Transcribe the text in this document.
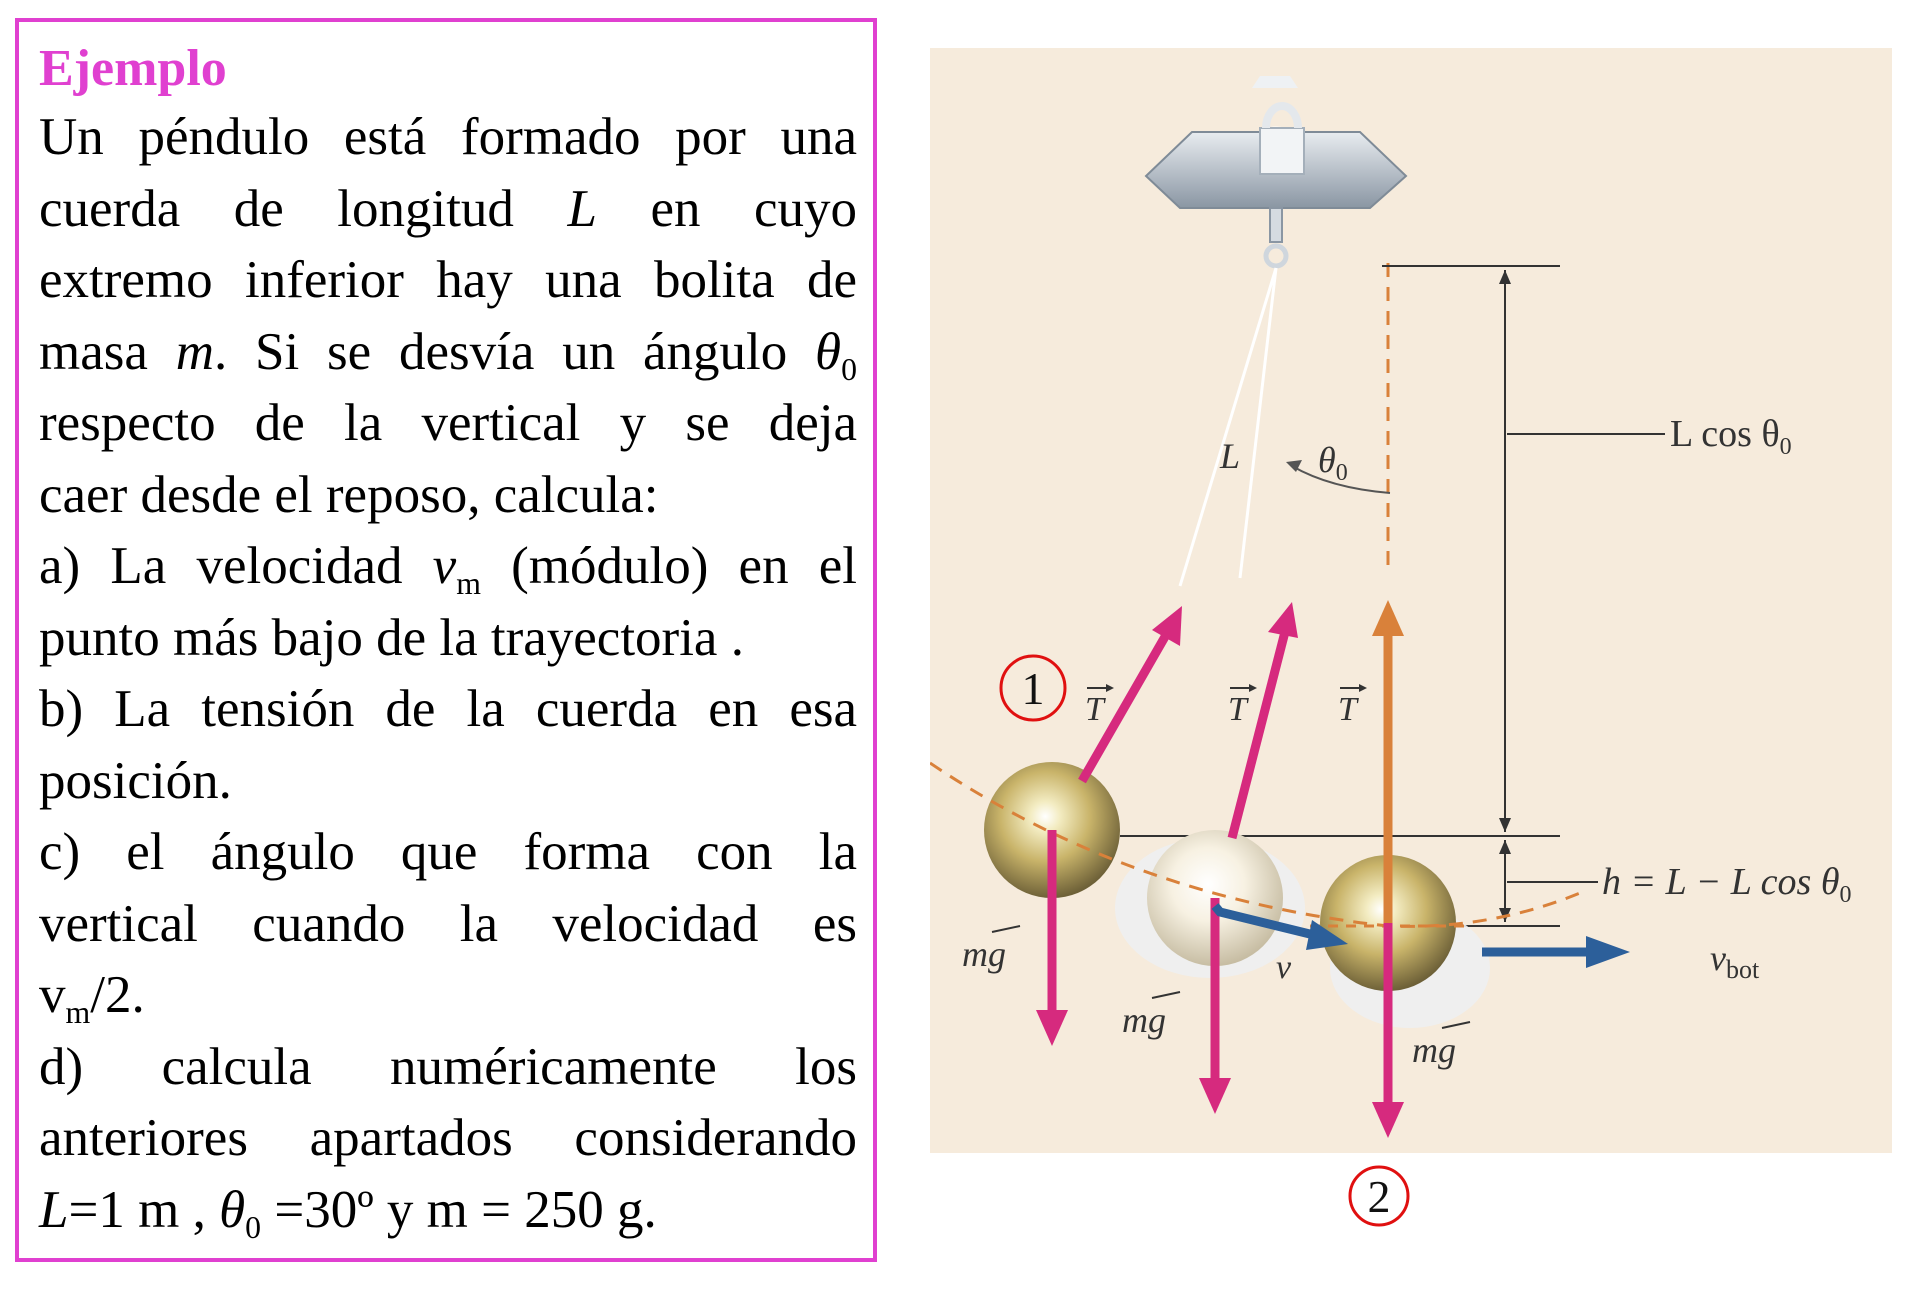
Ejemplo
Un péndulo está formado por una
cuerda de longitud L en cuyo
extremo inferior hay una bolita de
masa m. Si se desvía un ángulo $\theta_0$
respecto de la vertical y se deja
caer desde el reposo, calcula:
a) La velocidad $v_m$ (módulo) en el
punto más bajo de la trayectoria .
b) La tensión de la cuerda en esa
posición.
c) el ángulo que forma con la
vertical cuando la velocidad es
$v_m/2$.
d) calcula numéricamente los
anteriores apartados considerando
L=1 m , $\theta_0$ =30º y m = 250 g.
L $\theta_0$
L $\cos \theta_0$
h = L − L $\cos \theta_0$
T	T	T
mg
mg
mg
v	$v_{bot}$
1
2
